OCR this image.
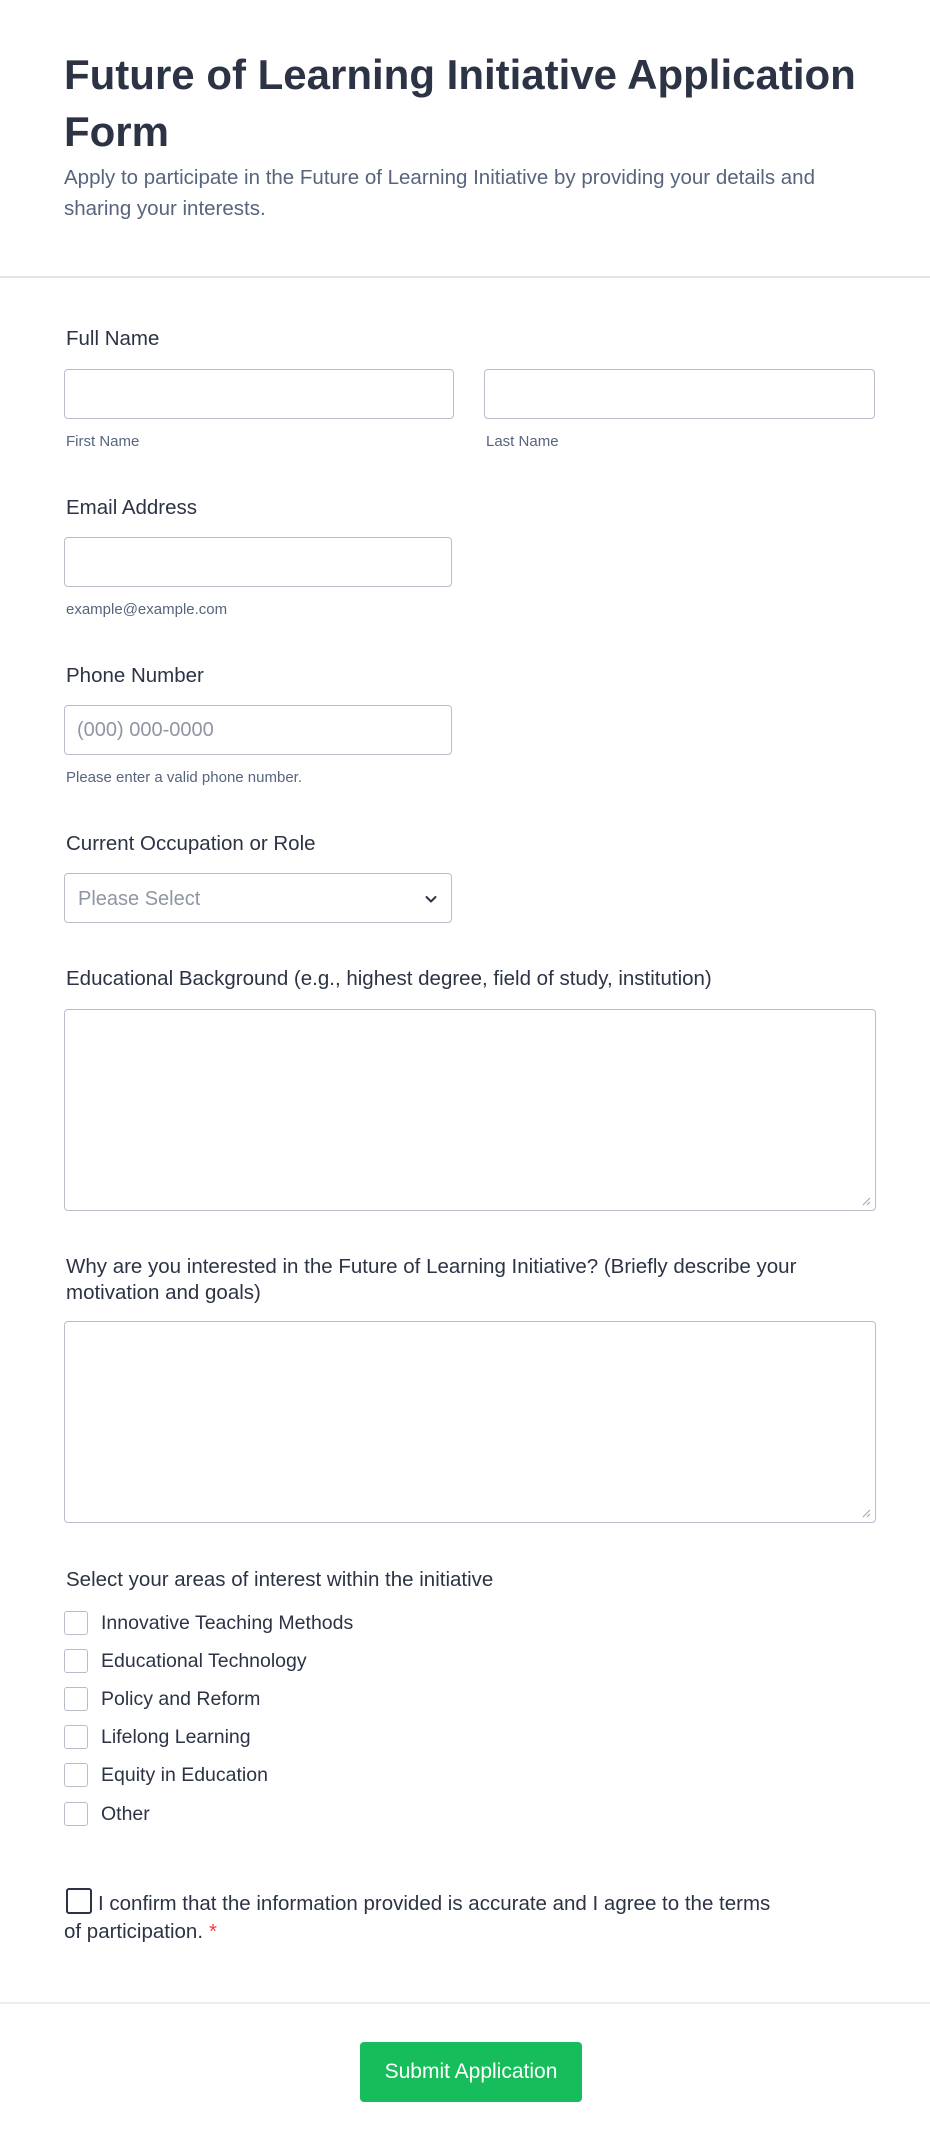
Future of Learning Initiative Application Form

Apply to participate in the Future of Learning Initiative by providing your details and sharing your interests.

Full Name
First Name	Last Name
Email Address
example@example.com
Phone Number
(000) 000-0000
Please enter a valid phone number.
Current Occupation or Role
Please Select
Educational Background (e.g., highest degree, field of study, institution)
Why are you interested in the Future of Learning Initiative? (Briefly describe your motivation and goals)
Select your areas of interest within the initiative
Innovative Teaching Methods
Educational Technology
Policy and Reform
Lifelong Learning
Equity in Education
Other
I confirm that the information provided is accurate and I agree to the terms of participation. *
Submit Application
